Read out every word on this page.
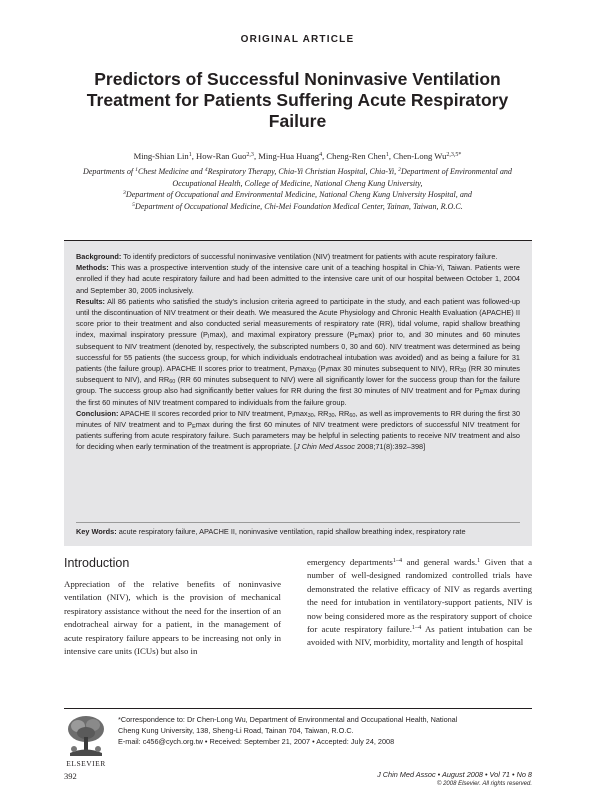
ORIGINAL ARTICLE
Predictors of Successful Noninvasive Ventilation Treatment for Patients Suffering Acute Respiratory Failure
Ming-Shian Lin$^1$, How-Ran Guo$^{2,3}$, Ming-Hua Huang$^4$, Cheng-Ren Chen$^1$, Chen-Long $Wu^{2,3,5*}$
Departments of $^1$Chest Medicine and $^4$Respiratory Therapy, Chia-Yi Christian Hospital, Chia-Yi, $^2$Department of Environmental and Occupational Health, College of Medicine, National Cheng Kung University,
$^3$Department of Occupational and Environmental Medicine, National Cheng Kung University Hospital, and
$^5$Department of Occupational Medicine, Chi-Mei Foundation Medical Center, Tainan, Taiwan, R.O.C.

Background: To identify predictors of successful noninvasive ventilation (NIV) treatment for patients with acute respiratory failure.

Methods: This was a prospective intervention study of the intensive care unit of a teaching hospital in Chia-Yi, Taiwan. Patients were enrolled if they had acute respiratory failure and had been admitted to the intensive care unit of our hospital between October 1, 2004 and September 30, 2005 inclusively.

Results: All 86 patients who satisfied the study's inclusion criteria agreed to participate in the study, and each patient was followed-up until the discontinuation of NIV treatment or their death. We measured the Acute Physiology and Chronic Health Evaluation (APACHE) II score prior to their treatment and also conducted serial measurements of respiratory rate (RR), tidal volume, rapid shallow breathing index, maximal inspiratory pressure $(P_I\max)$, and maximal expiratory pressure $(P_E\max)$ prior to, and 30 minutes and 60 minutes subsequent to NIV treatment (denoted by, respectively, the subscripted numbers 0, 30 and 60). NIV treatment was determined as being successful for 55 patients (the success group, for which individuals endotracheal intubation was avoided) and as being a failure for 31 patients (the failure group). APACHE II scores prior to treatment, $P_I\max_{30}$ ($P_I\max$ 30 minutes subsequent to NIV), $RR_{30}$ (RR 30 minutes subsequent to NIV), and $RR_{60}$ (RR 60 minutes subsequent to NIV) were all significantly lower for the success group than for the failure group. The success group also had significantly better values for RR during the first 30 minutes of NIV treatment and for $P_E\max$ during the first 60 minutes of NIV treatment compared to individuals from the failure group.

Conclusion: APACHE II scores recorded prior to NIV treatment, $P_I\max_{30}$, $RR_{30}$, $RR_{60}$, as well as improvements to RR during the first 30 minutes of NIV treatment and to $P_E\max$ during the first 60 minutes of NIV treatment were predictors of successful NIV treatment for patients suffering from acute respiratory failure. Such parameters may be helpful in selecting patients to receive NIV treatment and also for deciding when early termination of the treatment is appropriate. [J Chin Med Assoc 2008;71(8):392–398]

Key Words: acute respiratory failure, APACHE II, noninvasive ventilation, rapid shallow breathing index, respiratory rate
Introduction
Appreciation of the relative benefits of noninvasive ventilation (NIV), which is the provision of mechanical respiratory assistance without the need for the insertion of an endotracheal airway for a patient, in the management of acute respiratory failure appears to be increasing not only in intensive care units (ICUs) but also in
emergency departments$^{1-4}$ and general wards.$^1$ Given that a number of well-designed randomized controlled trials have demonstrated the relative efficacy of NIV as regards averting the need for intubation in ventilatory-support patients, NIV is now being considered more as the respiratory support of choice for acute respiratory failure.$^{1-4}$ As patient intubation can be avoided with NIV, morbidity, mortality and length of hospital
ELSEVIER
*Correspondence to: Dr Chen-Long Wu, Department of Environmental and Occupational Health, National
Cheng Kung University, 138, Sheng-Li Road, Tainan 704, Taiwan, R.O.C.
E-mail: c456@cych.org.tw • Received: September 21, 2007 • Accepted: July 24, 2008
392	J Chin Med Assoc • August 2008 • Vol 71 • No 8
© 2008 Elsevier. All rights reserved.
